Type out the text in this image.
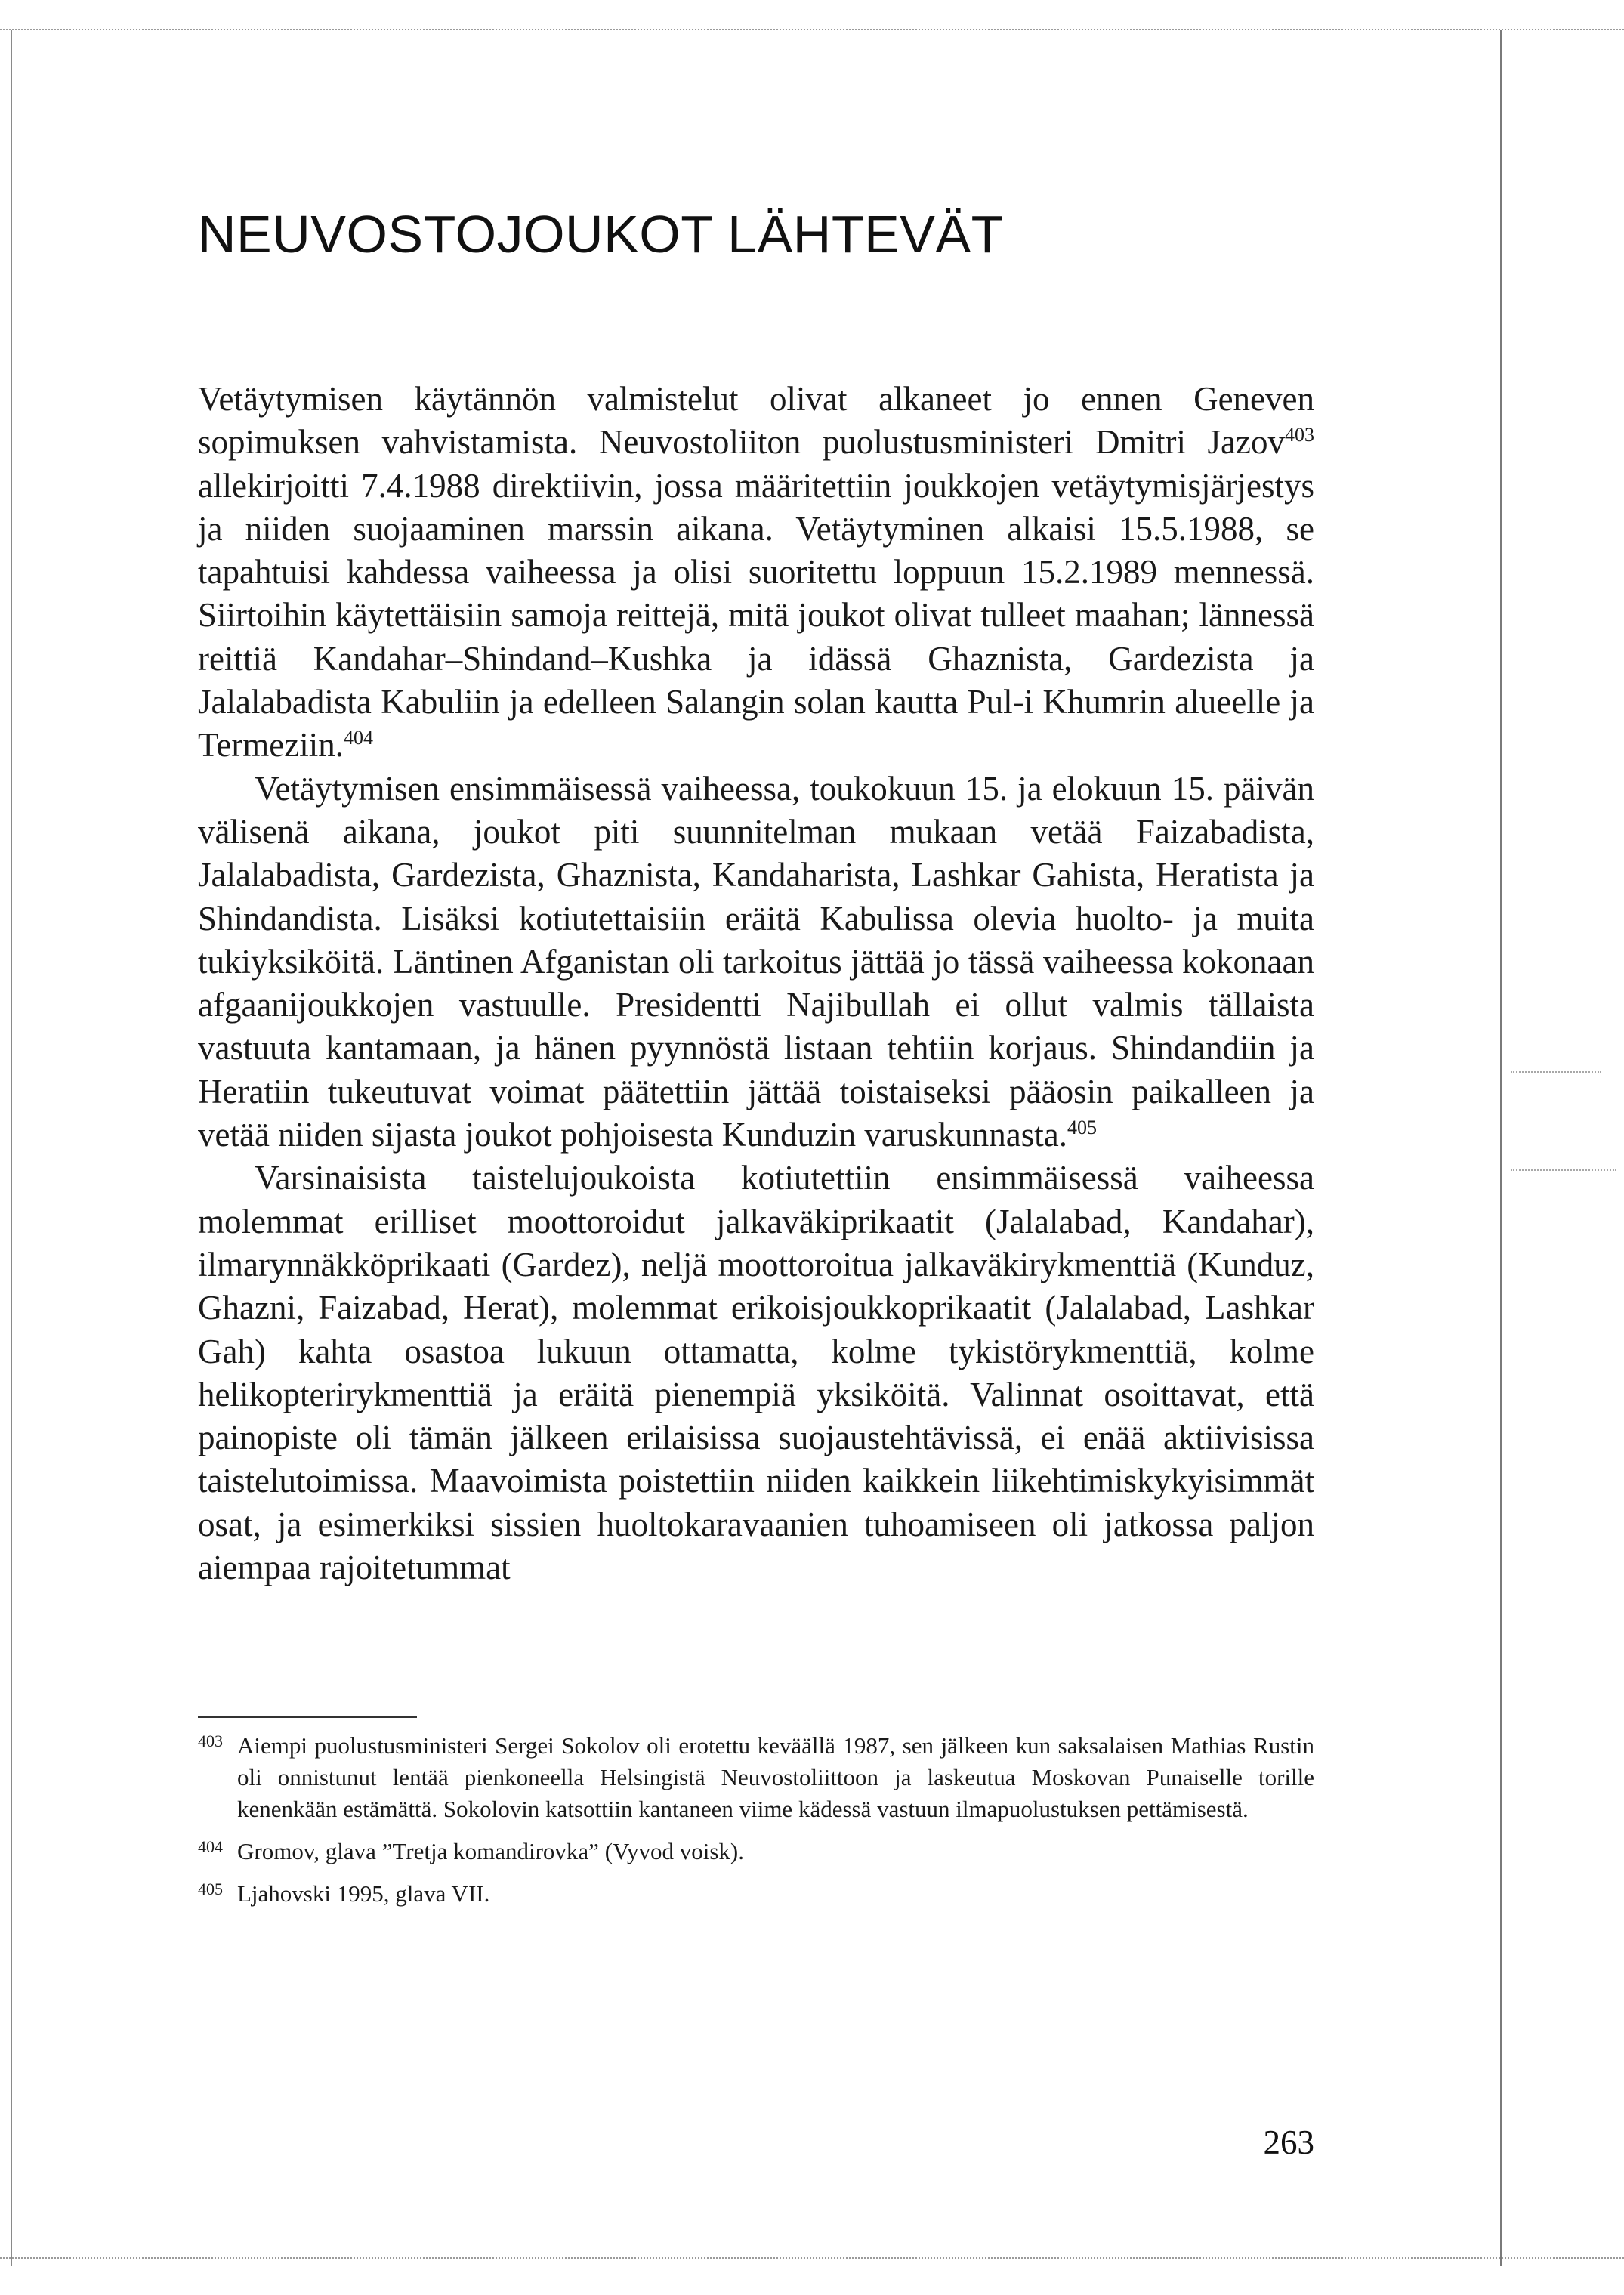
NEUVOSTOJOUKOT LÄHTEVÄT

Vetäytymisen käytännön valmistelut olivat alkaneet jo ennen Geneven sopimuksen vahvistamista. Neuvostoliiton puolustusministeri Dmitri Jazov$^{403}$ allekirjoitti 7.4.1988 direktiivin, jossa määritettiin joukkojen vetäytymisjärjestys ja niiden suojaaminen marssin aikana. Vetäytyminen alkaisi 15.5.1988, se tapahtuisi kahdessa vaiheessa ja olisi suoritettu loppuun 15.2.1989 mennessä. Siirtoihin käytettäisiin samoja reittejä, mitä joukot olivat tulleet maahan; lännessä reittiä Kandahar–Shindand–Kushka ja idässä Ghaznista, Gardezista ja Jalalabadista Kabuliin ja edelleen Salangin solan kautta Pul-i Khumrin alueelle ja Termeziin.$^{404}$

Vetäytymisen ensimmäisessä vaiheessa, toukokuun 15. ja elokuun 15. päivän välisenä aikana, joukot piti suunnitelman mukaan vetää Faizabadista, Jalalabadista, Gardezista, Ghaznista, Kandaharista, Lashkar Gahista, Heratista ja Shindandista. Lisäksi kotiutettaisiin eräitä Kabulissa olevia huolto- ja muita tukiyksiköitä. Läntinen Afganistan oli tarkoitus jättää jo tässä vaiheessa kokonaan afgaanijoukkojen vastuulle. Presidentti Najibullah ei ollut valmis tällaista vastuuta kantamaan, ja hänen pyynnöstä listaan tehtiin korjaus. Shindandiin ja Heratiin tukeutuvat voimat päätettiin jättää toistaiseksi pääosin paikalleen ja vetää niiden sijasta joukot pohjoisesta Kunduzin varuskunnasta.$^{405}$

Varsinaisista taistelujoukoista kotiutettiin ensimmäisessä vaiheessa molemmat erilliset moottoroidut jalkaväkiprikaatit (Jalalabad, Kandahar), ilmarynnäkköprikaati (Gardez), neljä moottoroitua jalkaväkirykmenttiä (Kunduz, Ghazni, Faizabad, Herat), molemmat erikoisjoukkoprikaatit (Jalalabad, Lashkar Gah) kahta osastoa lukuun ottamatta, kolme tykistörykmenttiä, kolme helikopterirykmenttiä ja eräitä pienempiä yksiköitä. Valinnat osoittavat, että painopiste oli tämän jälkeen erilaisissa suojaustehtävissä, ei enää aktiivisissa taistelutoimissa. Maavoimista poistettiin niiden kaikkein liikehtimiskykyisimmät osat, ja esimerkiksi sissien huoltokaravaanien tuhoamiseen oli jatkossa paljon aiempaa rajoitetummat

403 Aiempi puolustusministeri Sergei Sokolov oli erotettu keväällä 1987, sen jälkeen kun saksalaisen Mathias Rustin oli onnistunut lentää pienkoneella Helsingistä Neuvostoliittoon ja laskeutua Moskovan Punaiselle torille kenenkään estämättä. Sokolovin katsottiin kantaneen viime kädessä vastuun ilmapuolustuksen pettämisestä.
404 Gromov, glava ”Tretja komandirovka” (Vyvod voisk).
405 Ljahovski 1995, glava VII.
263
